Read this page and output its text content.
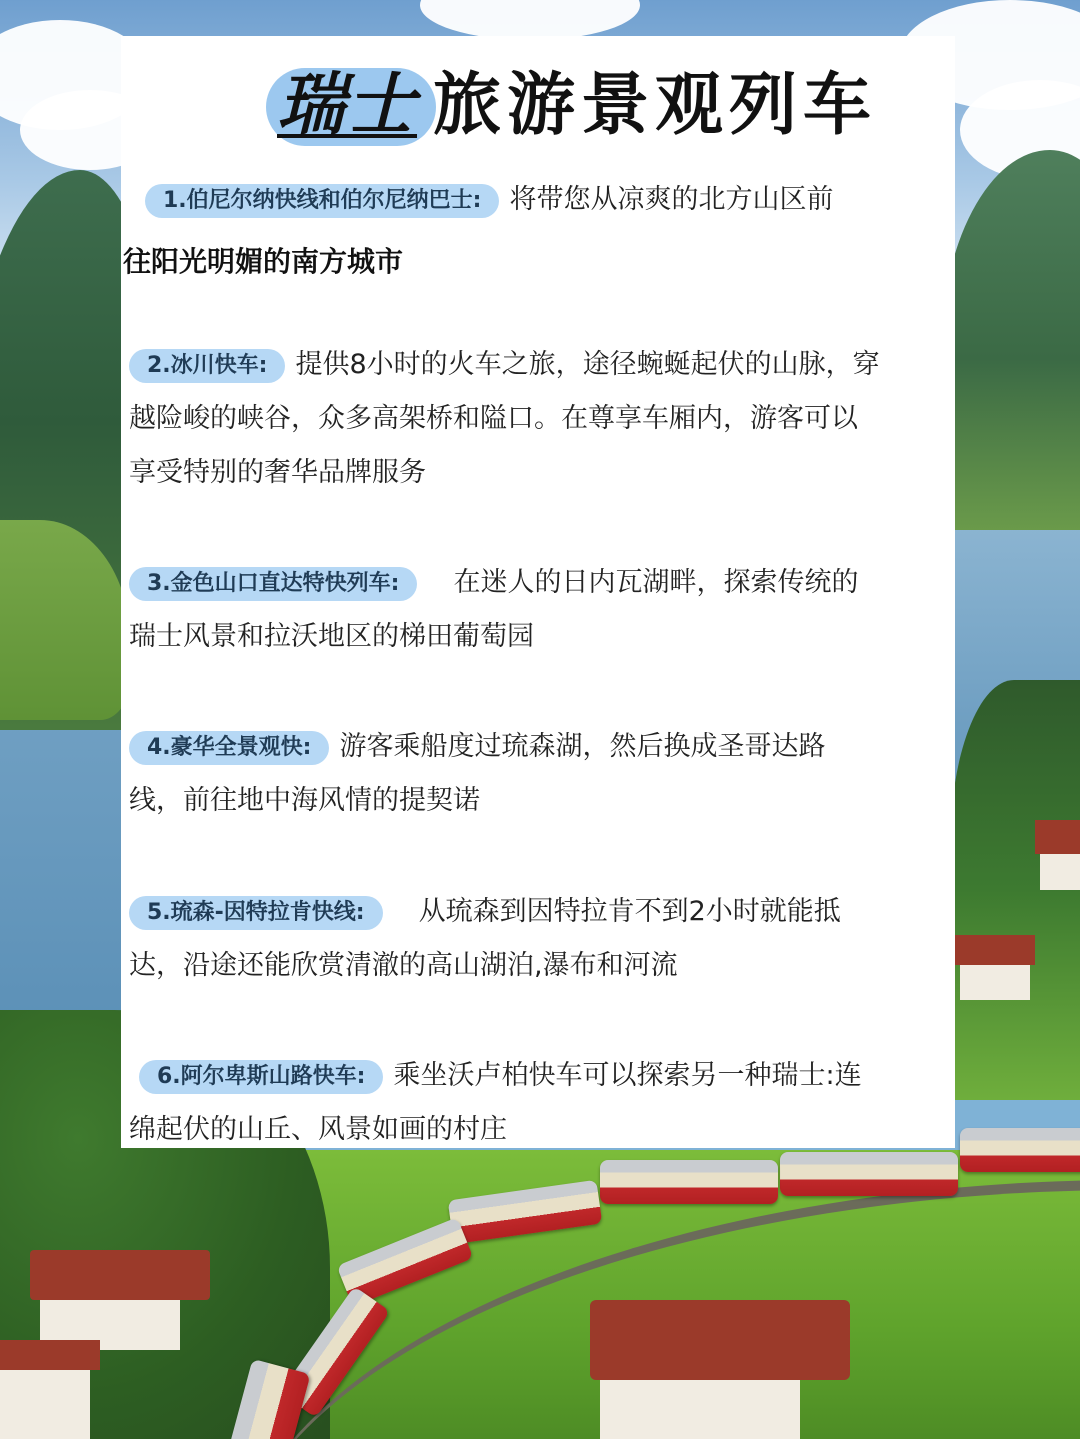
瑞士 旅游景观列车
1.伯尼尔纳快线和伯尔尼纳巴士: 将带您从凉爽的北方山区前
往阳光明媚的南方城市
2.冰川快车: 提供8小时的火车之旅，途径蜿蜒起伏的山脉，穿
越险峻的峡谷，众多高架桥和隘口。在尊享车厢内，游客可以
享受特别的奢华品牌服务
3.金色山口直达特快列车: 在迷人的日内瓦湖畔，探索传统的
瑞士风景和拉沃地区的梯田葡萄园
4.豪华全景观快: 游客乘船度过琉森湖，然后换成圣哥达路
线，前往地中海风情的提契诺
5.琉森-因特拉肯快线: 从琉森到因特拉肯不到2小时就能抵
达，沿途还能欣赏清澈的高山湖泊,瀑布和河流
6.阿尔卑斯山路快车: 乘坐沃卢柏快车可以探索另一种瑞士:连
绵起伏的山丘、风景如画的村庄
